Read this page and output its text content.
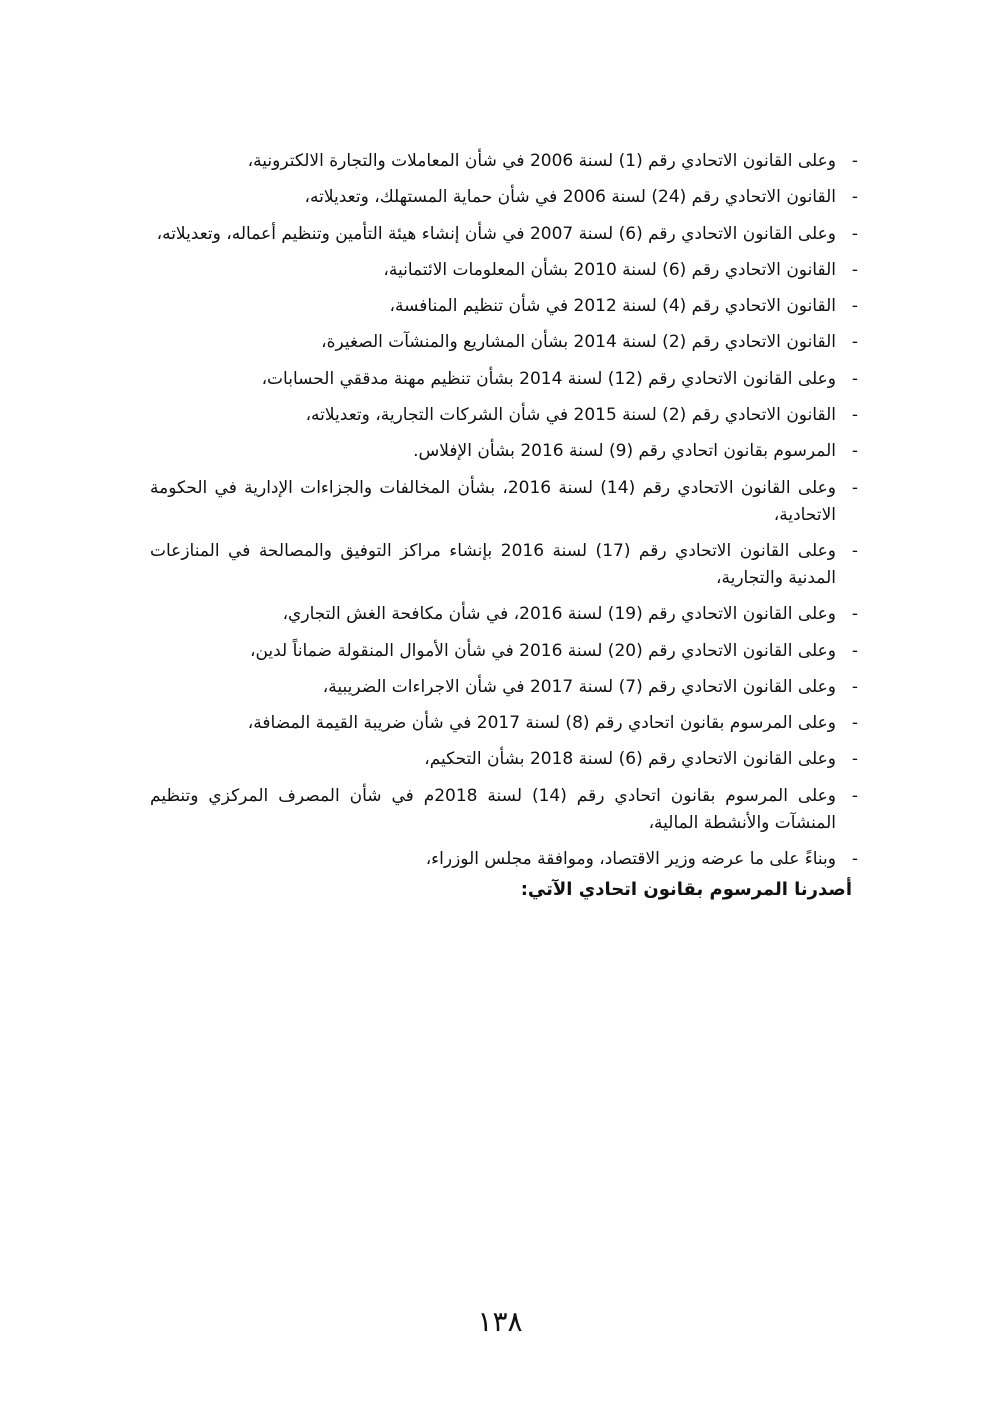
-
وعلى القانون الاتحادي رقم (1) لسنة 2006 في شأن المعاملات والتجارة الالكترونية،
-
القانون الاتحادي رقم (24) لسنة 2006 في شأن حماية المستهلك، وتعديلاته،
-
وعلى القانون الاتحادي رقم (6) لسنة 2007 في شأن إنشاء هيئة التأمين وتنظيم أعماله، وتعديلاته،
-
القانون الاتحادي رقم (6) لسنة 2010 بشأن المعلومات الائتمانية،
-
القانون الاتحادي رقم (4) لسنة 2012 في شأن تنظيم المنافسة،
-
القانون الاتحادي رقم (2) لسنة 2014 بشأن المشاريع والمنشآت الصغيرة،
-
وعلى القانون الاتحادي رقم (12) لسنة 2014 بشأن تنظيم مهنة مدققي الحسابات،
-
القانون الاتحادي رقم (2) لسنة 2015 في شأن الشركات التجارية، وتعديلاته،
-
المرسوم بقانون اتحادي رقم (9) لسنة 2016 بشأن الإفلاس.
-
وعلى القانون الاتحادي رقم (14) لسنة 2016، بشأن المخالفات والجزاءات الإدارية في الحكومة الاتحادية،
-
وعلى القانون الاتحادي رقم (17) لسنة 2016 بإنشاء مراكز التوفيق والمصالحة في المنازعات المدنية والتجارية،
-
وعلى القانون الاتحادي رقم (19) لسنة 2016، في شأن مكافحة الغش التجاري،
-
وعلى القانون الاتحادي رقم (20) لسنة 2016 في شأن الأموال المنقولة ضماناً لدين،
-
وعلى القانون الاتحادي رقم (7) لسنة 2017 في شأن الاجراءات الضريبية،
-
وعلى المرسوم بقانون اتحادي رقم (8) لسنة 2017 في شأن ضريبة القيمة المضافة،
-
وعلى القانون الاتحادي رقم (6) لسنة 2018 بشأن التحكيم،
-
وعلى المرسوم بقانون اتحادي رقم (14) لسنة 2018م في شأن المصرف المركزي وتنظيم المنشآت والأنشطة المالية،
-
وبناءً على ما عرضه وزير الاقتصاد، وموافقة مجلس الوزراء،
أصدرنا المرسوم بقانون اتحادي الآتي:
١٣٨
